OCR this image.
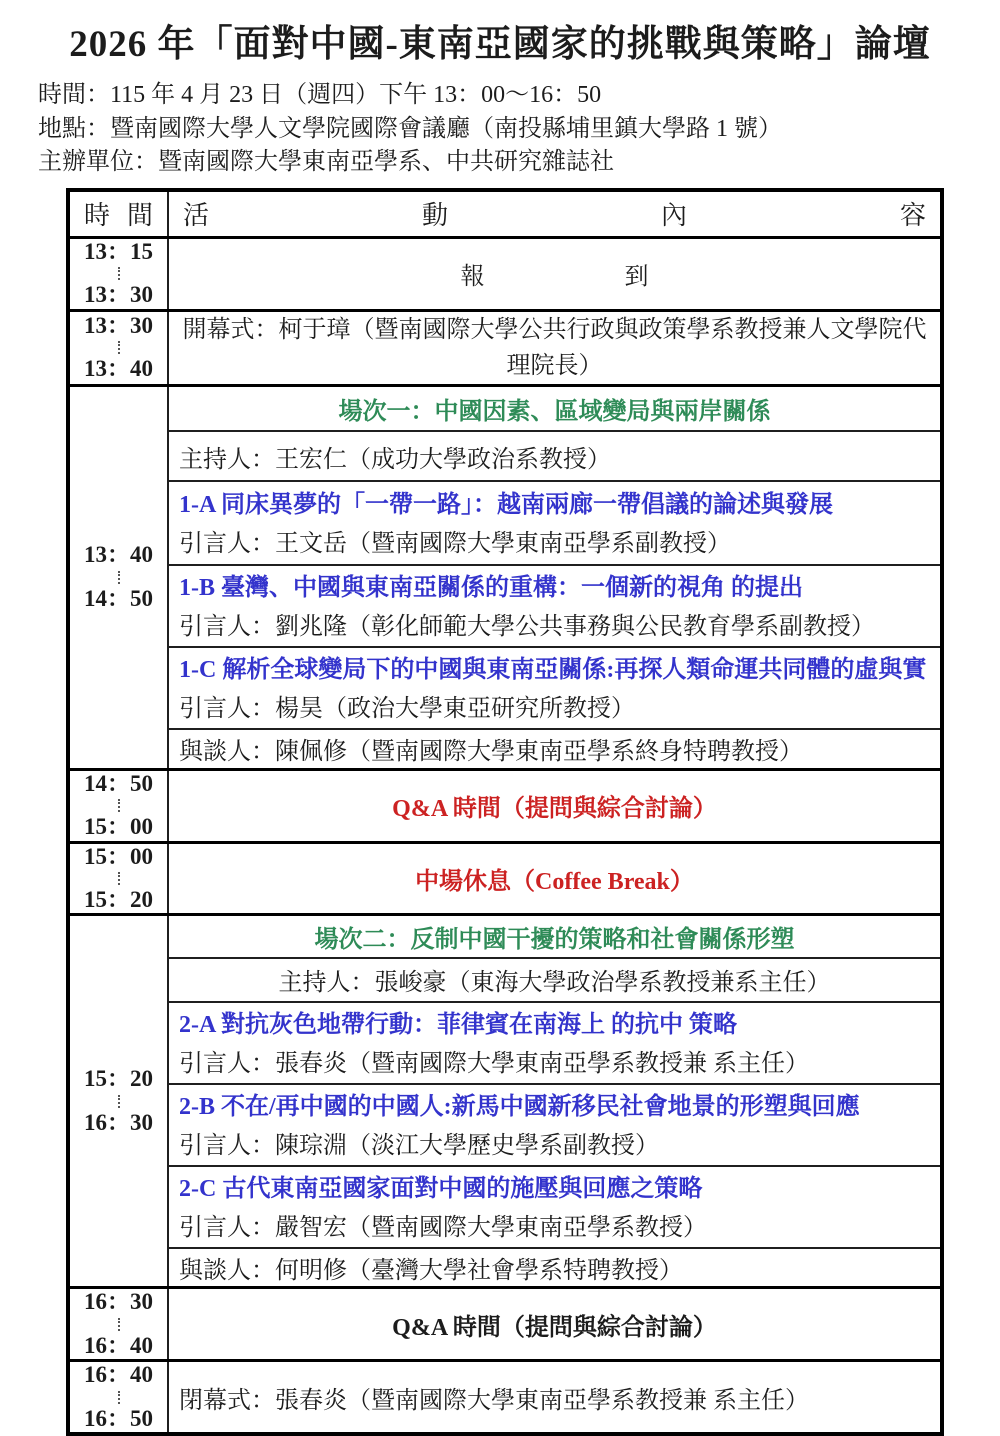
2026 年「面對中國-東南亞國家的挑戰與策略」論壇
時間：115 年 4 月 23 日（週四）下午 13：00～16：50
地點：暨南國際大學人文學院國際會議廳（南投縣埔里鎮大學路 1 號）
主辦單位：暨南國際大學東南亞學系、中共研究雜誌社
時 間	活 動 內 容

13：15
13：30	報 到

13：30
13：40	開幕式：柯于璋（暨南國際大學公共行政與政策學系教授兼人文學院代理院長）

13：40
14：50	場次一：中國因素、區域變局與兩岸關係
	主持人：王宏仁（成功大學政治系教授）

	1-A 同床異夢的「一帶一路」：越南兩廊一帶倡議的論述與發展
引言人：王文岳（暨南國際大學東南亞學系副教授）

	1-B 臺灣、中國與東南亞關係的重構：一個新的視角 的提出
引言人：劉兆隆（彰化師範大學公共事務與公民教育學系副教授）

	1-C 解析全球變局下的中國與東南亞關係:再探人類命運共同體的虛與實
引言人：楊昊（政治大學東亞研究所教授）

	與談人：陳佩修（暨南國際大學東南亞學系終身特聘教授）
14：50
15：00	Q&A 時間（提問與綜合討論）
15：00
15：20	中場休息（Coffee Break）
15：20
16：30	場次二：反制中國干擾的策略和社會關係形塑
	主持人：張峻豪（東海大學政治學系教授兼系主任）

	2-A 對抗灰色地帶行動：菲律賓在南海上 的抗中 策略
引言人：張春炎（暨南國際大學東南亞學系教授兼 系主任）

	2-B 不在/再中國的中國人:新馬中國新移民社會地景的形塑與回應
引言人：陳琮淵（淡江大學歷史學系副教授）

	2-C 古代東南亞國家面對中國的施壓與回應之策略
引言人：嚴智宏（暨南國際大學東南亞學系教授）

	與談人：何明修（臺灣大學社會學系特聘教授）
16：30
16：40	Q&A 時間（提問與綜合討論）
16：40
16：50	閉幕式：張春炎（暨南國際大學東南亞學系教授兼 系主任）
